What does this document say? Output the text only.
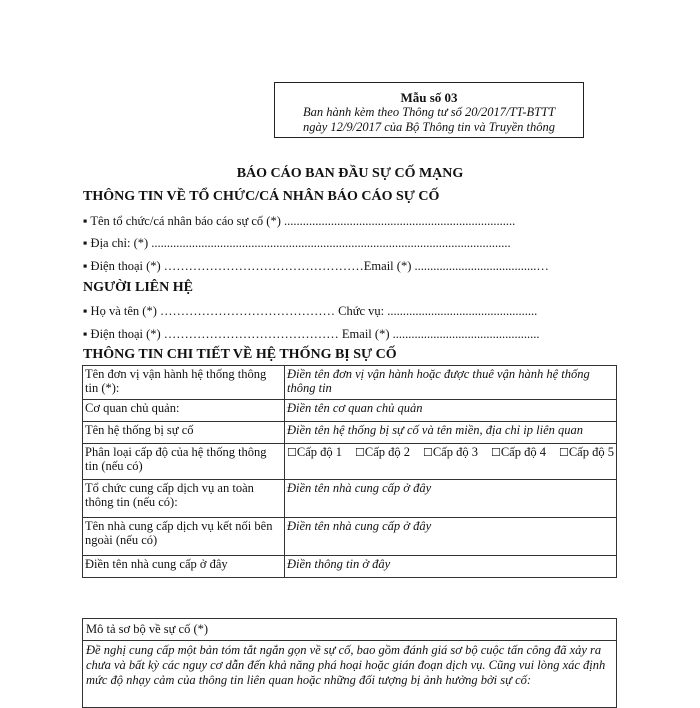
Mẫu số 03
Ban hành kèm theo Thông tư số 20/2017/TT-BTTT
ngày 12/9/2017 của Bộ Thông tin và Truyền thông
BÁO CÁO BAN ĐẦU SỰ CỐ MẠNG
THÔNG TIN VỀ TỔ CHỨC/CÁ NHÂN BÁO CÁO SỰ CỐ
▪ Tên tổ chức/cá nhân báo cáo sự cố (*) ..........................................................................
▪ Địa chỉ: (*) ...................................................................................................................
▪ Điện thoại (*) …………………………………………Email (*) .......................................…
NGƯỜI LIÊN HỆ
▪ Họ và tên (*) …………………………………… Chức vụ: ................................................
▪ Điện thoại (*) …………………………………… Email (*) ...............................................
THÔNG TIN CHI TIẾT VỀ HỆ THỐNG BỊ SỰ CỐ
Tên đơn vị vận hành hệ thống thông tin (*):	Điền tên đơn vị vận hành hoặc được thuê vận hành hệ thống thông tin
Cơ quan chủ quản:	Điền tên cơ quan chủ quản
Tên hệ thống bị sự cố	Điền tên hệ thống bị sự cố và tên miền, địa chỉ ip liên quan
Phân loại cấp độ của hệ thống thông tin (nếu có)	☐Cấp độ 1 ☐Cấp độ 2 ☐Cấp độ 3 ☐Cấp độ 4 ☐Cấp độ 5

Tổ chức cung cấp dịch vụ an toàn thông tin (nếu có):	Điền tên nhà cung cấp ở đây
Tên nhà cung cấp dịch vụ kết nối bên ngoài (nếu có)	Điền tên nhà cung cấp ở đây
Điền tên nhà cung cấp ở đây	Điền thông tin ở đây
Mô tả sơ bộ về sự cố (*)
Đề nghị cung cấp một bản tóm tắt ngắn gọn về sự cố, bao gồm đánh giá sơ bộ cuộc tấn công đã xảy ra chưa và bất kỳ các nguy cơ dẫn đến khả năng phá hoại hoặc gián đoạn dịch vụ. Cũng vui lòng xác định mức độ nhạy cảm của thông tin liên quan hoặc những đối tượng bị ảnh hưởng bởi sự cố:
